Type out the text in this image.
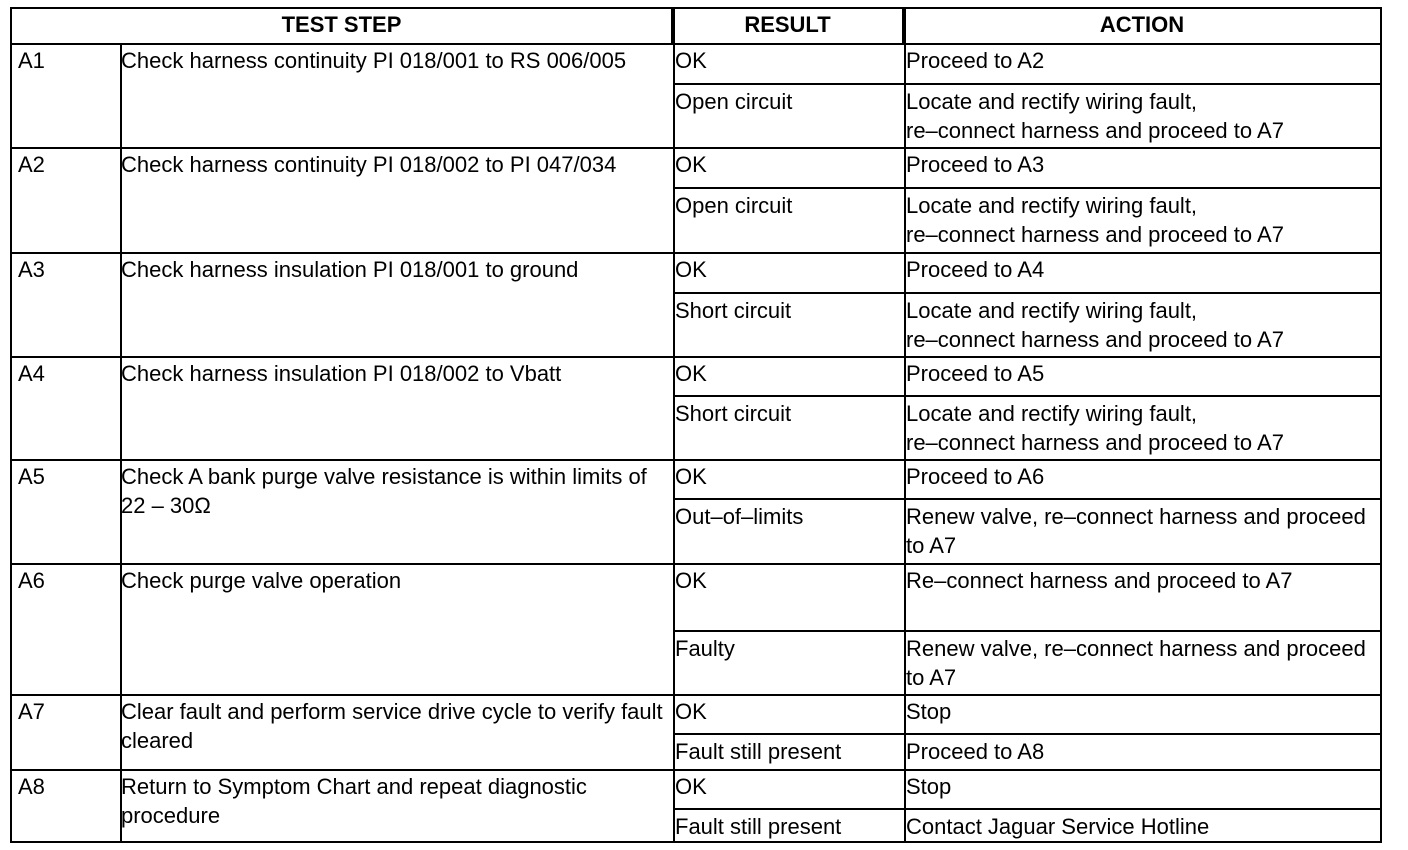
TEST STEP	RESULT	ACTION
A1	Check harness continuity PI 018/001 to RS 006/005	OK	Proceed to A2
Open circuit	Locate and rectify wiring fault,
re–connect harness and proceed to A7
A2	Check harness continuity PI 018/002 to PI 047/034	OK	Proceed to A3
Open circuit	Locate and rectify wiring fault,
re–connect harness and proceed to A7
A3	Check harness insulation PI 018/001 to ground	OK	Proceed to A4
Short circuit	Locate and rectify wiring fault,
re–connect harness and proceed to A7
A4	Check harness insulation PI 018/002 to Vbatt	OK	Proceed to A5
Short circuit	Locate and rectify wiring fault,
re–connect harness and proceed to A7
A5	Check A bank purge valve resistance is within limits of 22 – 30Ω
OK	Proceed to A6
Out–of–limits	Renew valve, re–connect harness and proceed to A7
A6	Check purge valve operation	OK	Re–connect harness and proceed to A7
Faulty	Renew valve, re–connect harness and proceed to A7
A7	Clear fault and perform service drive cycle to verify fault cleared
OK	Stop
Fault still present	Proceed to A8
A8	Return to Symptom Chart and repeat diagnostic procedure
OK	Stop
Fault still present	Contact Jaguar Service Hotline
